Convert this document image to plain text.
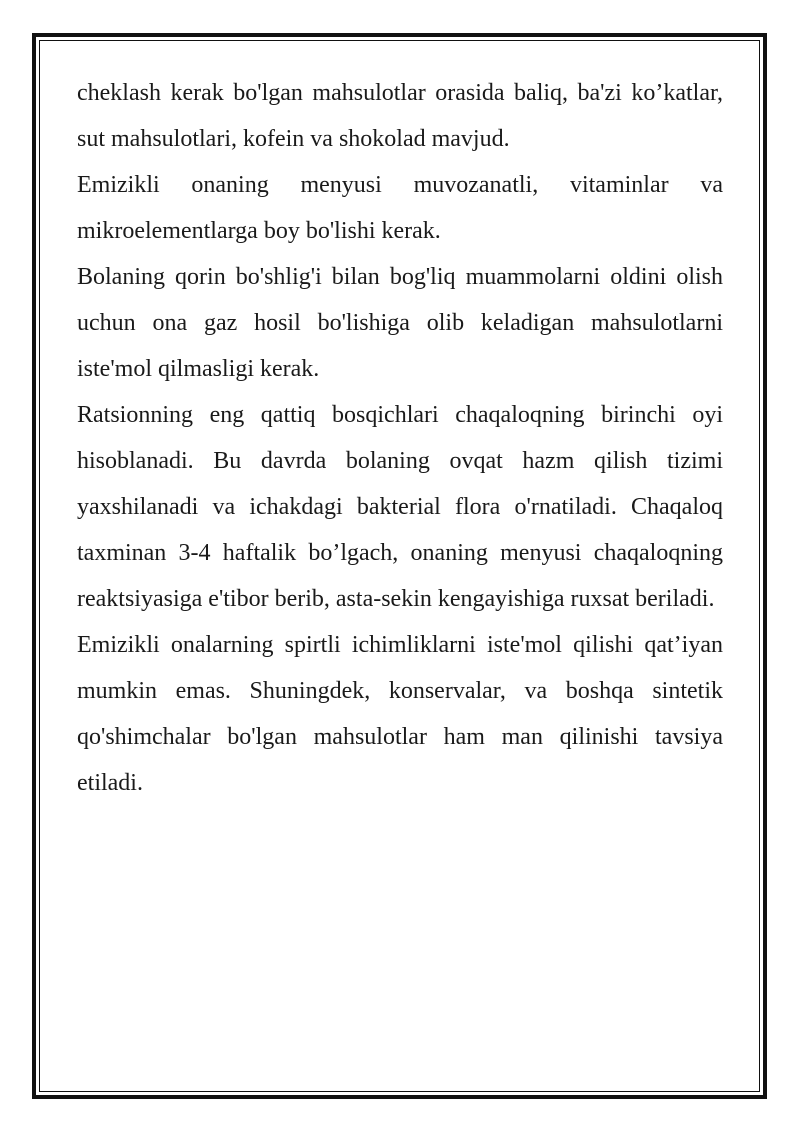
cheklash kerak bo'lgan mahsulotlar orasida baliq, ba'zi ko’katlar, sut mahsulotlari, kofein va shokolad mavjud.

Emizikli onaning menyusi muvozanatli, vitaminlar va mikroelementlarga boy bo'lishi kerak.

Bolaning qorin bo'shlig'i bilan bog'liq muammolarni oldini olish uchun ona gaz hosil bo'lishiga olib keladigan mahsulotlarni iste'mol qilmasligi kerak.

Ratsionning eng qattiq bosqichlari chaqaloqning birinchi oyi hisoblanadi. Bu davrda bolaning ovqat hazm qilish tizimi yaxshilanadi va ichakdagi bakterial flora o'rnatiladi. Chaqaloq taxminan 3-4 haftalik bo’lgach, onaning menyusi chaqaloqning reaktsiyasiga e'tibor berib, asta-sekin kengayishiga ruxsat beriladi.

Emizikli onalarning spirtli ichimliklarni iste'mol qilishi qat’iyan mumkin emas. Shuningdek, konservalar, va boshqa sintetik qo'shimchalar bo'lgan mahsulotlar ham man qilinishi tavsiya etiladi.
